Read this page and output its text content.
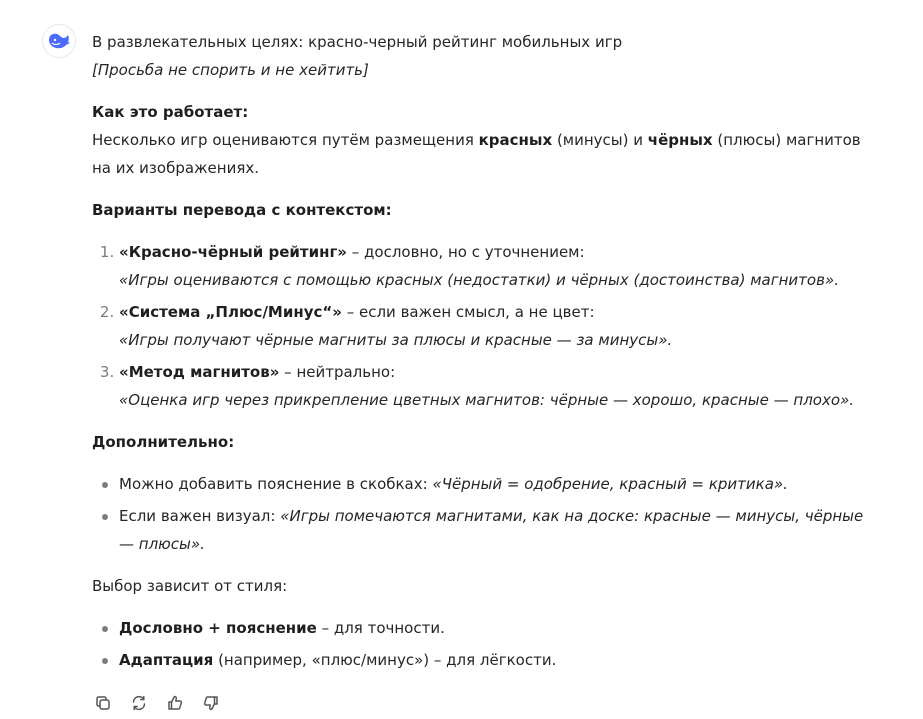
В развлекательных целях: красно-черный рейтинг мобильных игр

[Просьба не спорить и не хейтить]

Как это работает:

Несколько игр оцениваются путём размещения красных (минусы) и чёрных (плюсы) магнитов на их изображениях.

Варианты перевода с контекстом:

1. «Красно-чёрный рейтинг» – дословно, но с уточнением:
«Игры оцениваются с помощью красных (недостатки) и чёрных (достоинства) магнитов».
2. «Система „Плюс/Минус“» – если важен смысл, а не цвет:
«Игры получают чёрные магниты за плюсы и красные — за минусы».
3. «Метод магнитов» – нейтрально:
«Оценка игр через прикрепление цветных магнитов: чёрные — хорошо, красные — плохо».

Дополнительно:

Можно добавить пояснение в скобках: «Чёрный = одобрение, красный = критика».
Если важен визуал: «Игры помечаются магнитами, как на доске: красные — минусы, чёрные — плюсы».

Выбор зависит от стиля:

Дословно + пояснение – для точности.
Адаптация (например, «плюс/минус») – для лёгкости.
